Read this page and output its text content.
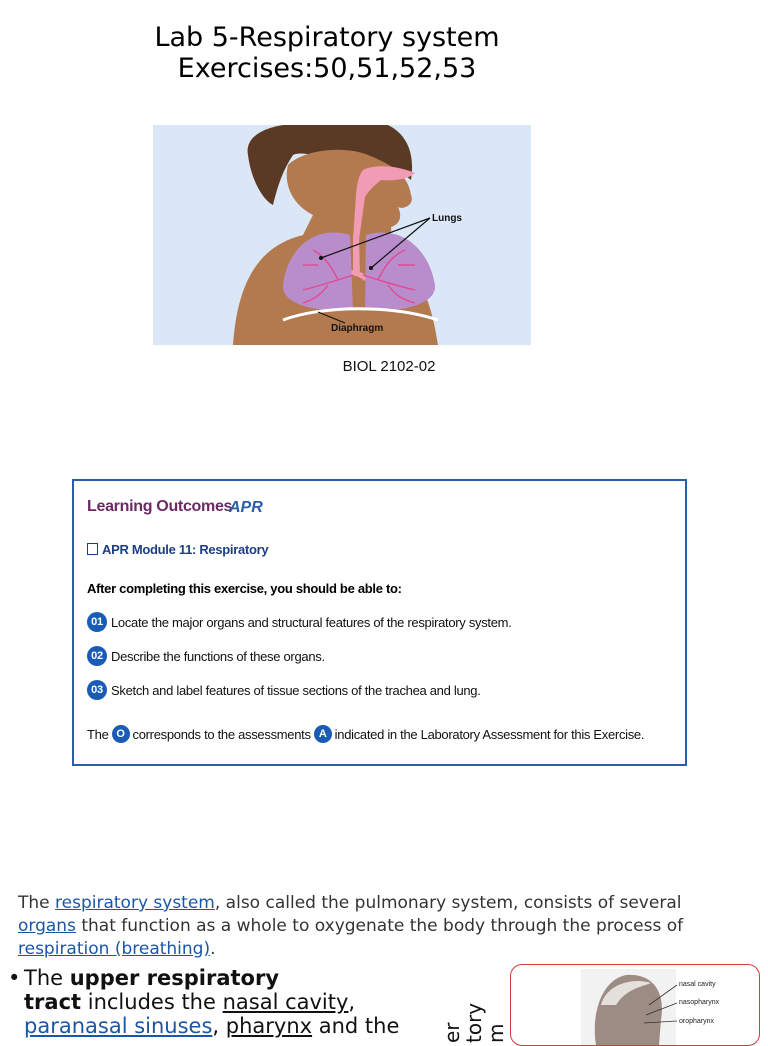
Lab 5-Respiratory system
Exercises:50,51,52,53
Lungs
Diaphragm
BIOL 2102-02
Learning Outcomes
APR
APR Module 11: Respiratory
After completing this exercise, you should be able to:
01 Locate the major organs and structural features of the respiratory system.
02 Describe the functions of these organs.
03 Sketch and label features of tissue sections of the trachea and lung.
The O corresponds to the assessments A indicated in the Laboratory Assessment for this Exercise.
The respiratory system, also called the pulmonary system, consists of several organs that function as a whole to oxygenate the body through the process of respiration (breathing).
• The upper respiratory
tract includes the nasal cavity,
paranasal sinuses, pharynx and the er
tory
m
nasal cavity
nasopharynx
oropharynx
